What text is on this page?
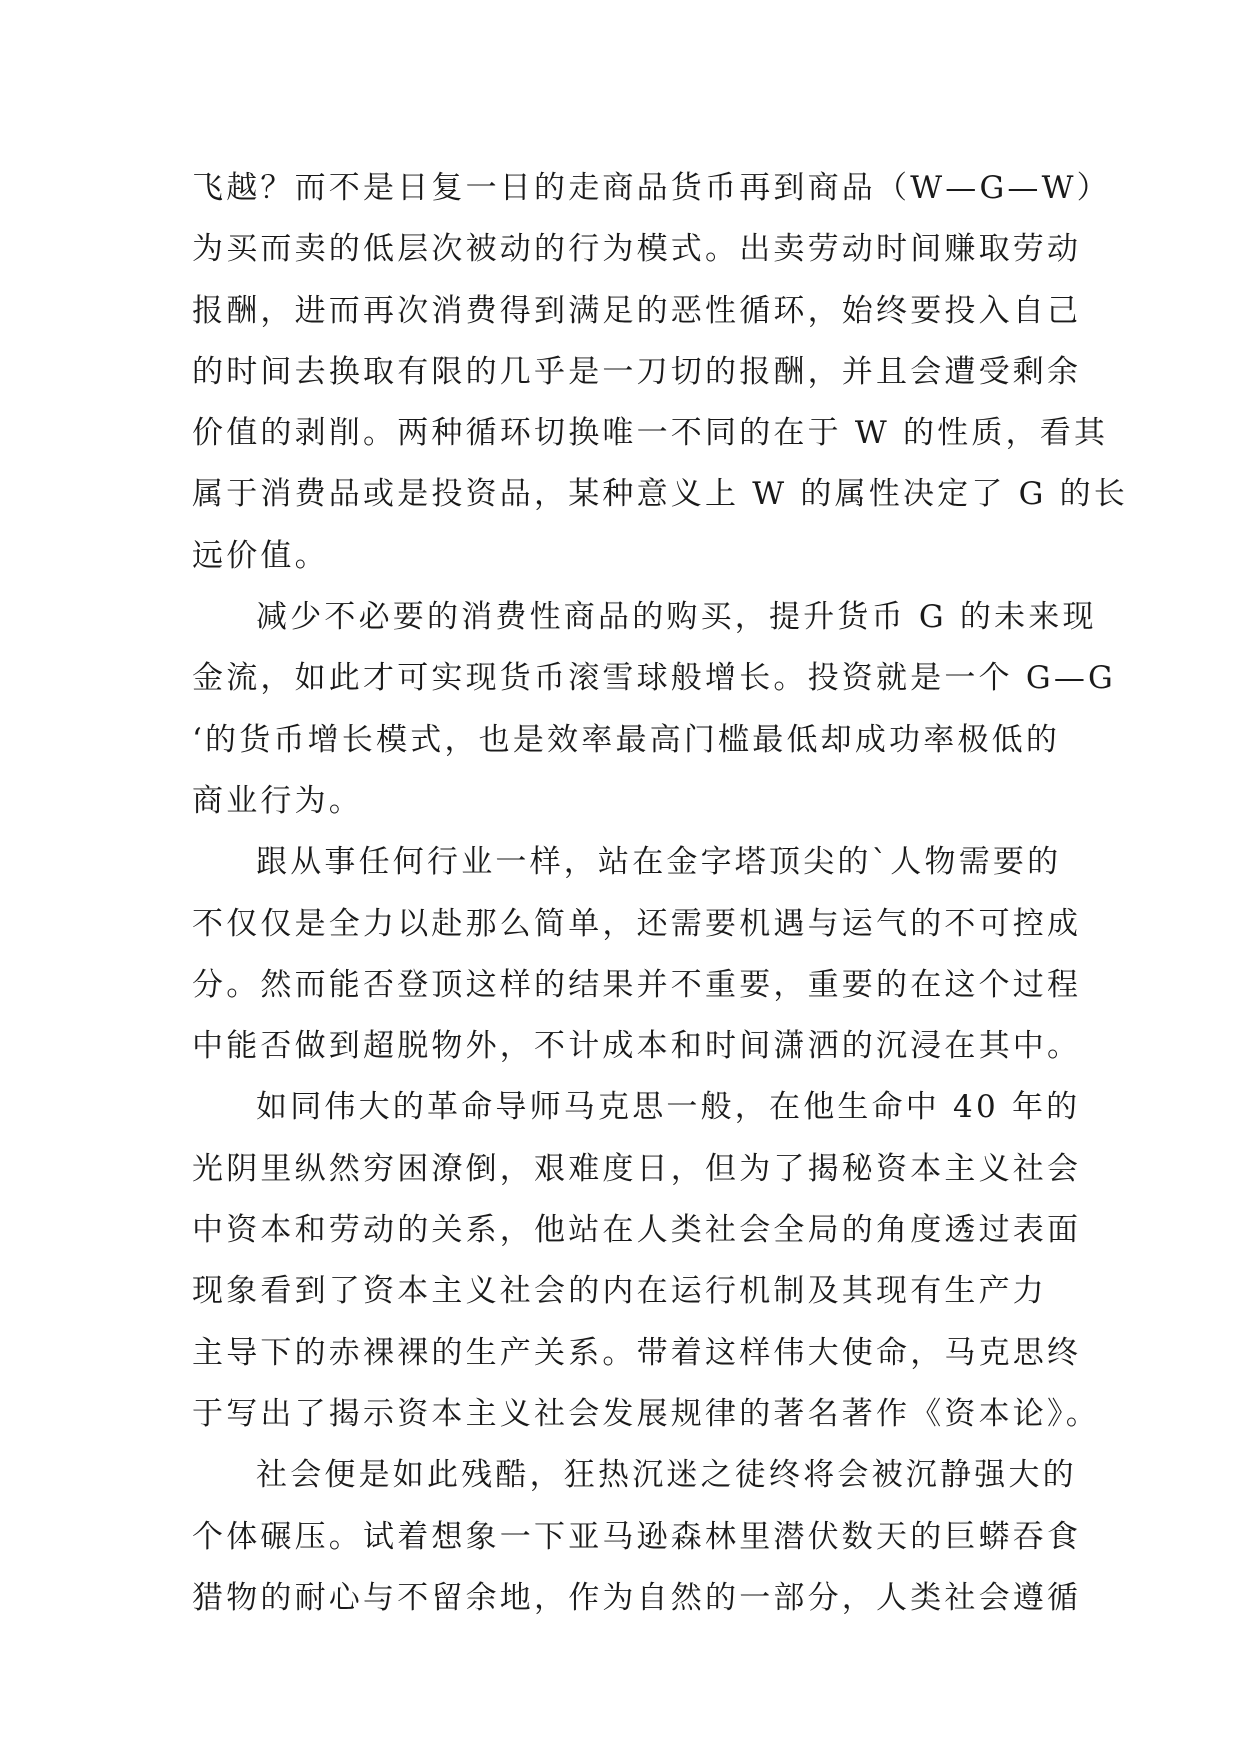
飞越？而不是日复一日的走商品货币再到商品（W—G—W）
为买而卖的低层次被动的行为模式。出卖劳动时间赚取劳动
报酬，进而再次消费得到满足的恶性循环，始终要投入自己
的时间去换取有限的几乎是一刀切的报酬，并且会遭受剩余
价值的剥削。两种循环切换唯一不同的在于 W 的性质，看其
属于消费品或是投资品，某种意义上 W 的属性决定了 G 的长
远价值。
减少不必要的消费性商品的购买，提升货币 G 的未来现
金流，如此才可实现货币滚雪球般增长。投资就是一个 G—G
‘的货币增长模式，也是效率最高门槛最低却成功率极低的
商业行为。
跟从事任何行业一样，站在金字塔顶尖的`人物需要的
不仅仅是全力以赴那么简单，还需要机遇与运气的不可控成
分。然而能否登顶这样的结果并不重要，重要的在这个过程
中能否做到超脱物外，不计成本和时间潇洒的沉浸在其中。
如同伟大的革命导师马克思一般，在他生命中 40 年的
光阴里纵然穷困潦倒，艰难度日，但为了揭秘资本主义社会
中资本和劳动的关系，他站在人类社会全局的角度透过表面
现象看到了资本主义社会的内在运行机制及其现有生产力
主导下的赤裸裸的生产关系。带着这样伟大使命，马克思终
于写出了揭示资本主义社会发展规律的著名著作《资本论》。
社会便是如此残酷，狂热沉迷之徒终将会被沉静强大的
个体碾压。试着想象一下亚马逊森林里潜伏数天的巨蟒吞食
猎物的耐心与不留余地，作为自然的一部分，人类社会遵循
